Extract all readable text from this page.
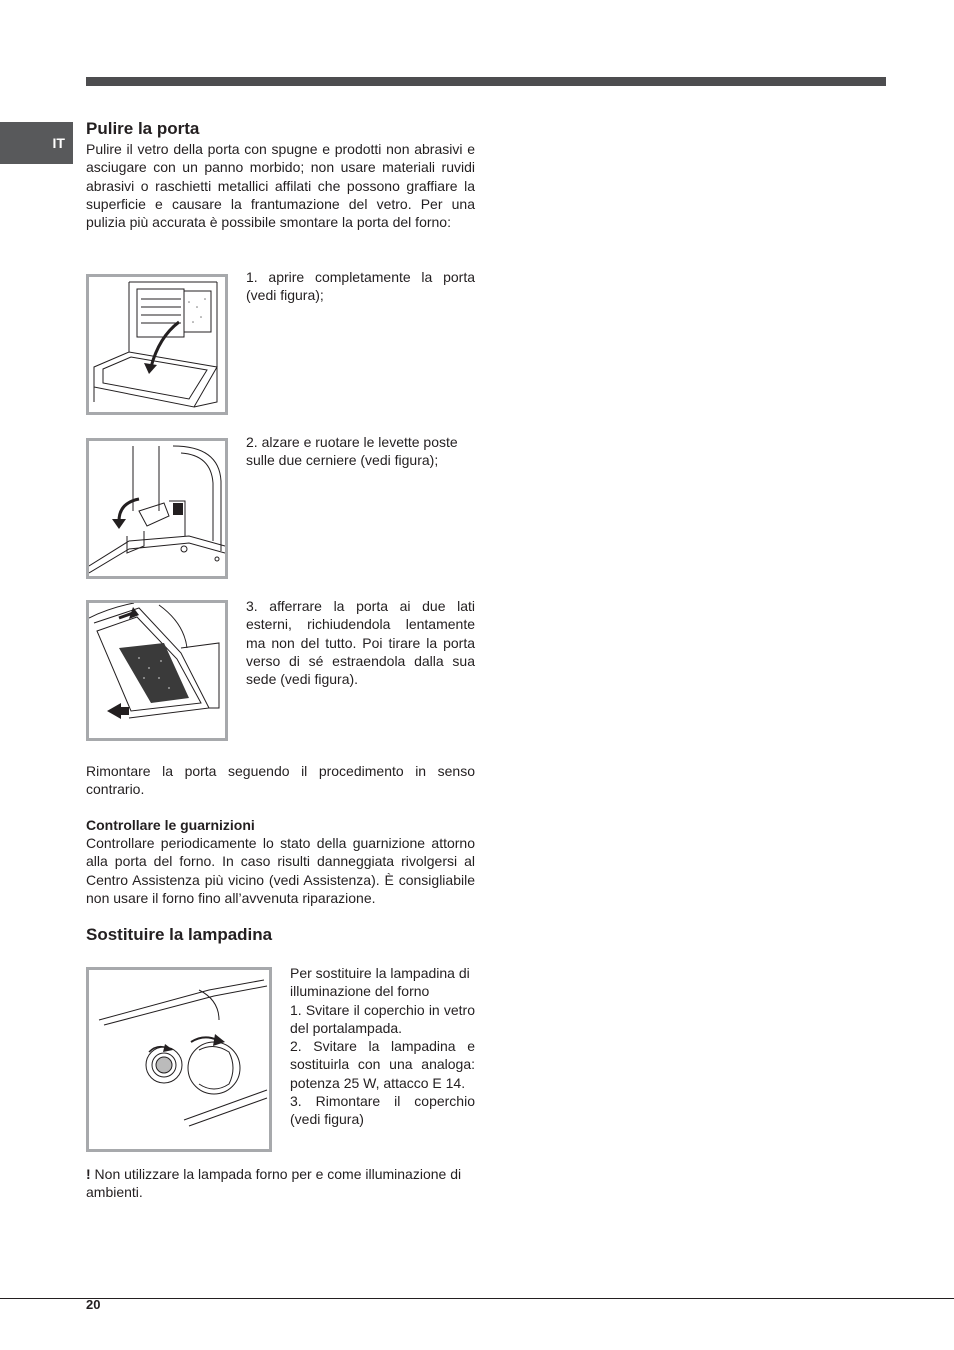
IT
Pulire la porta

Pulire il vetro della porta con spugne e prodotti non abrasivi e asciugare con un panno morbido; non usare materiali ruvidi abrasivi o raschietti metallici affilati che possono graffiare la superficie e causare la frantumazione del vetro. Per una pulizia più accurata è possibile smontare la porta del forno:

1. aprire completamente la porta (vedi figura);

2. alzare e ruotare le levette poste sulle due cerniere (vedi figura);

3. afferrare la porta ai due lati esterni, richiudendola lentamente ma non del tutto. Poi tirare la porta verso di sé estraendola dalla sua sede (vedi figura).

Rimontare la porta seguendo il procedimento in senso contrario.

Controllare le guarnizioni

Controllare periodicamente lo stato della guarnizione attorno alla porta del forno. In caso risulti danneggiata rivolgersi al Centro Assistenza più vicino (vedi Assistenza). È consigliabile non usare il forno fino all’avvenuta riparazione.

Sostituire la lampadina

Per sostituire la lampadina di illuminazione del forno

1. Svitare il coperchio in vetro del portalampada.

2. Svitare la lampadina e sostituirla con una analoga: potenza 25 W, attacco E 14.

3. Rimontare il coperchio (vedi figura)

! Non utilizzare la lampada forno per e come illuminazione di ambienti.

20
